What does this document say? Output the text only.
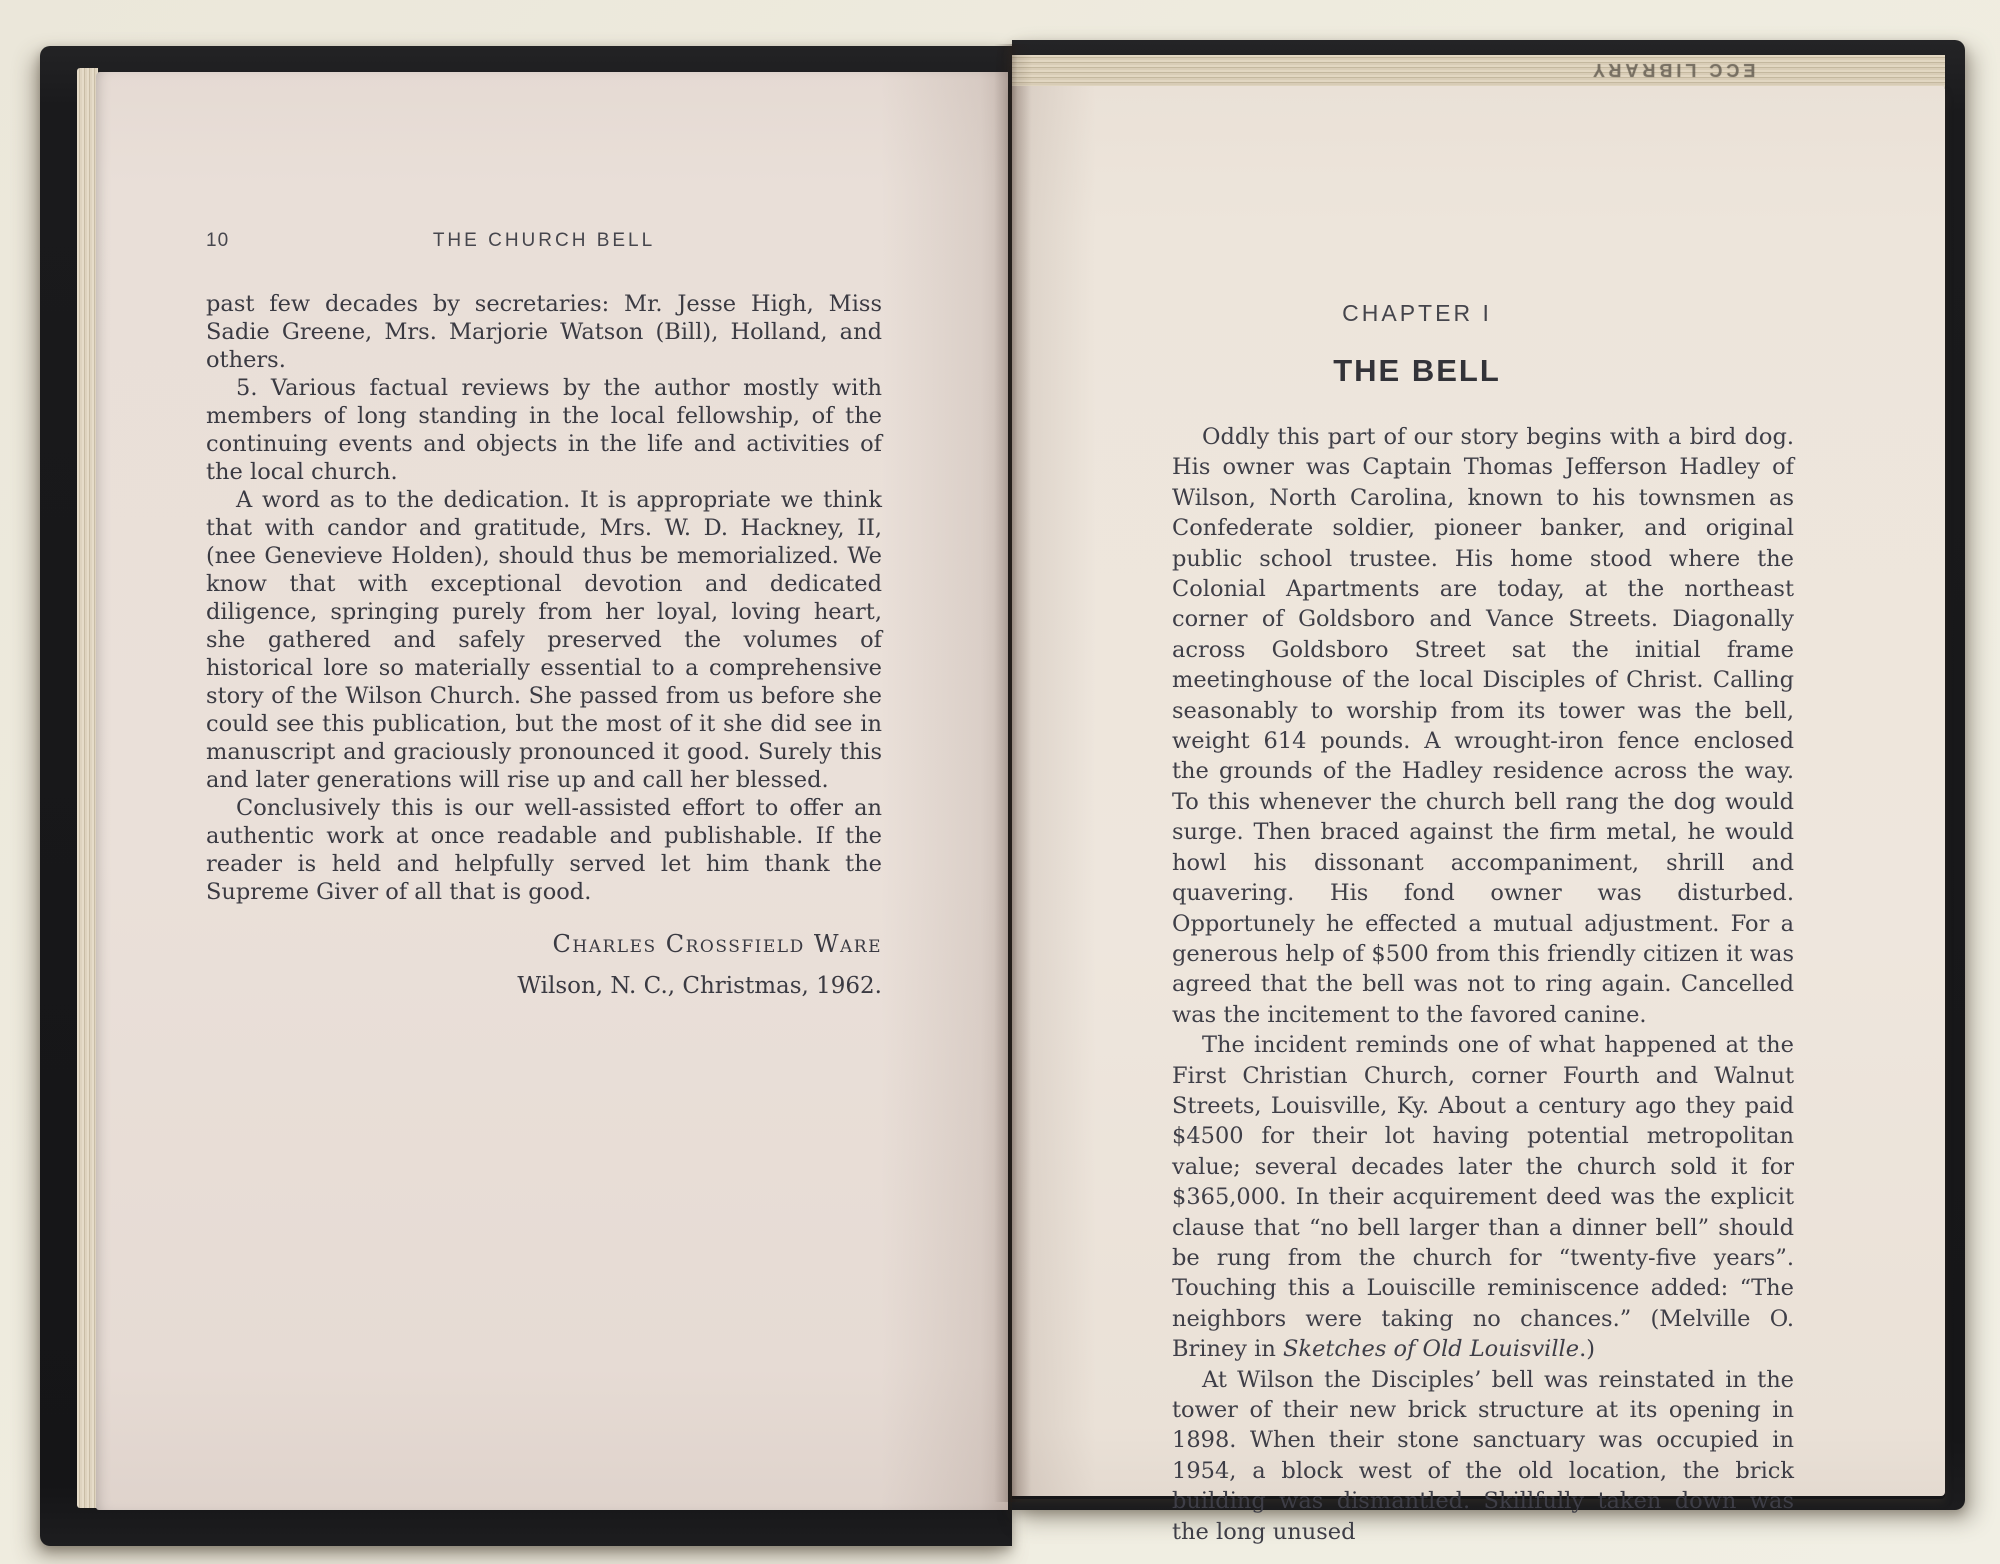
ECC LIBRARY
10	THE CHURCH BELL

past few decades by secretaries: Mr. Jesse High, Miss Sadie Greene, Mrs. Marjorie Watson (Bill), Holland, and others.

5. Various factual reviews by the author mostly with members of long standing in the local fellowship, of the continuing events and objects in the life and activities of the local church.

A word as to the dedication. It is appropriate we think that with candor and gratitude, Mrs. W. D. Hackney, II, (nee Genevieve Holden), should thus be memorialized. We know that with exceptional devotion and dedicated diligence, springing purely from her loyal, loving heart, she gathered and safely preserved the volumes of historical lore so materially essential to a comprehensive story of the Wilson Church. She passed from us before she could see this publication, but the most of it she did see in manuscript and graciously pronounced it good. Surely this and later generations will rise up and call her blessed.

Conclusively this is our well-assisted effort to offer an authentic work at once readable and publishable. If the reader is held and helpfully served let him thank the Supreme Giver of all that is good.

Charles Crossfield Ware
Wilson, N. C., Christmas, 1962.
CHAPTER I
THE BELL

Oddly this part of our story begins with a bird dog. His owner was Captain Thomas Jefferson Hadley of Wilson, North Carolina, known to his townsmen as Confederate soldier, pioneer banker, and original public school trustee. His home stood where the Colonial Apartments are today, at the northeast corner of Goldsboro and Vance Streets. Diagonally across Goldsboro Street sat the initial frame meetinghouse of the local Disciples of Christ. Calling seasonably to worship from its tower was the bell, weight 614 pounds. A wrought-iron fence enclosed the grounds of the Hadley residence across the way. To this whenever the church bell rang the dog would surge. Then braced against the firm metal, he would howl his dissonant accompaniment, shrill and quavering. His fond owner was disturbed. Opportunely he effected a mutual adjustment. For a generous help of $500 from this friendly citizen it was agreed that the bell was not to ring again. Cancelled was the incitement to the favored canine.

The incident reminds one of what happened at the First Christian Church, corner Fourth and Walnut Streets, Louisville, Ky. About a century ago they paid $4500 for their lot having potential metropolitan value; several decades later the church sold it for $365,000. In their acquirement deed was the explicit clause that “no bell larger than a dinner bell” should be rung from the church for “twenty-five years”. Touching this a Louiscille reminiscence added: “The neighbors were taking no chances.” (Melville O. Briney in Sketches of Old Louisville.)

At Wilson the Disciples’ bell was reinstated in the tower of their new brick structure at its opening in 1898. When their stone sanctuary was occupied in 1954, a block west of the old location, the brick building was dismantled. Skillfully taken down was the long unused
